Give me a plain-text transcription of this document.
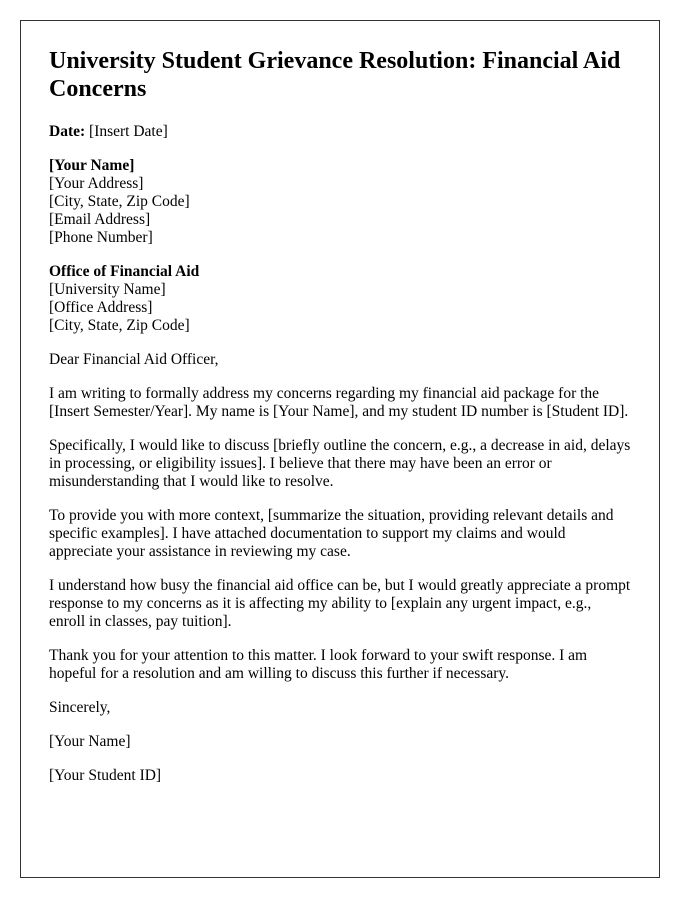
University Student Grievance Resolution: Financial Aid Concerns
Date: [Insert Date]
[Your Name]
[Your Address]
[City, State, Zip Code]
[Email Address]
[Phone Number]
Office of Financial Aid
[University Name]
[Office Address]
[City, State, Zip Code]

Dear Financial Aid Officer,

I am writing to formally address my concerns regarding my financial aid package for the [Insert Semester/Year]. My name is [Your Name], and my student ID number is [Student ID].

Specifically, I would like to discuss [briefly outline the concern, e.g., a decrease in aid, delays in processing, or eligibility issues]. I believe that there may have been an error or misunderstanding that I would like to resolve.

To provide you with more context, [summarize the situation, providing relevant details and specific examples]. I have attached documentation to support my claims and would appreciate your assistance in reviewing my case.

I understand how busy the financial aid office can be, but I would greatly appreciate a prompt response to my concerns as it is affecting my ability to [explain any urgent impact, e.g., enroll in classes, pay tuition].

Thank you for your attention to this matter. I look forward to your swift response. I am hopeful for a resolution and am willing to discuss this further if necessary.

Sincerely,

[Your Name]

[Your Student ID]
